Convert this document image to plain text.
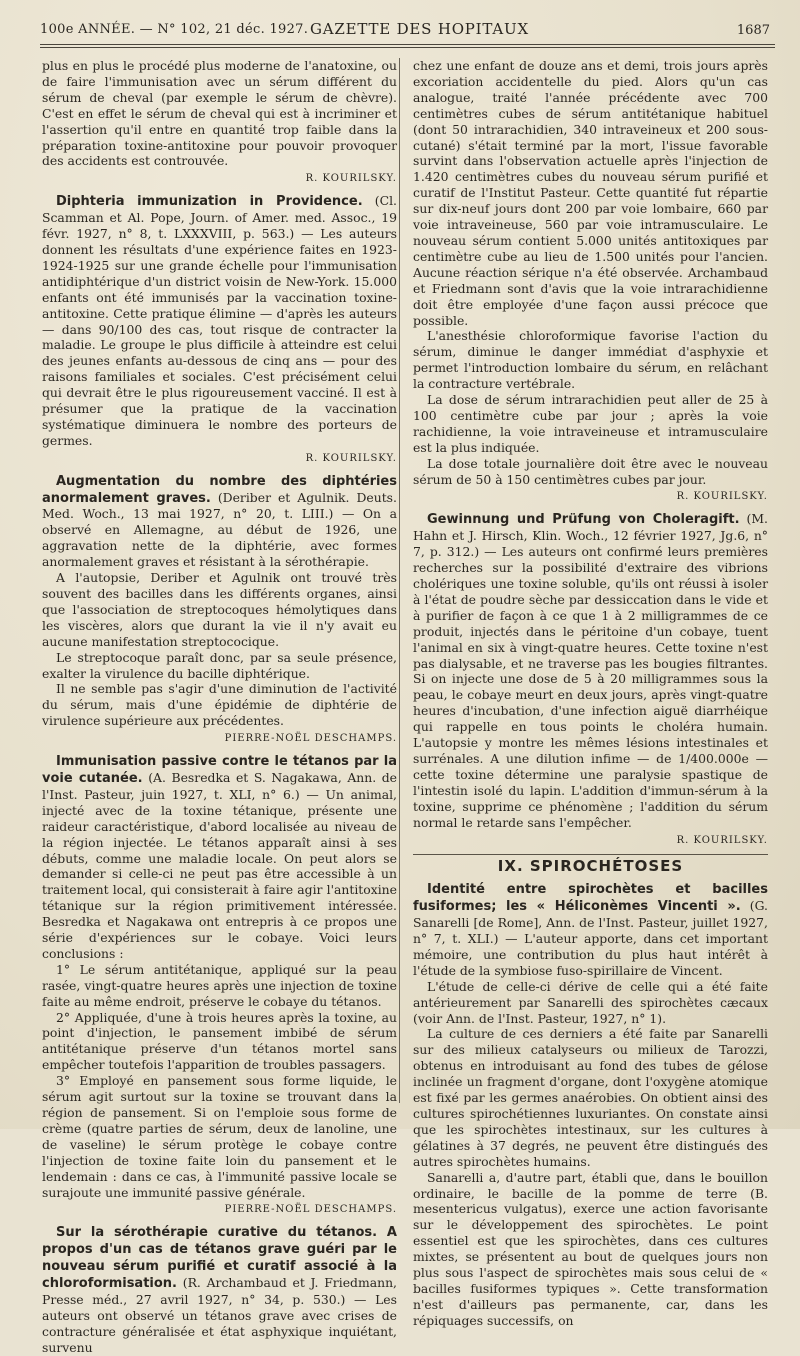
100e ANNÉE. — N° 102, 21 déc. 1927. GAZETTE DES HOPITAUX	1687

plus en plus le procédé plus moderne de l'anatoxine, ou de faire l'immunisation avec un sérum différent du sérum de cheval (par exemple le sérum de chèvre). C'est en effet le sérum de cheval qui est à incriminer et l'assertion qu'il entre en quantité trop faible dans la préparation toxine-antitoxine pour pouvoir provoquer des accidents est controuvée.

R. KOURILSKY.

Diphteria immunization in Providence. (Cl. Scamman et Al. Pope, Journ. of Amer. med. Assoc., 19 févr. 1927, n° 8, t. LXXXVIII, p. 563.) — Les auteurs donnent les résultats d'une expérience faites en 1923-1924-1925 sur une grande échelle pour l'immunisation antidiphtérique d'un district voisin de New-York. 15.000 enfants ont été immunisés par la vaccination toxine-antitoxine. Cette pratique élimine — d'après les auteurs — dans 90/100 des cas, tout risque de contracter la maladie. Le groupe le plus difficile à atteindre est celui des jeunes enfants au-dessous de cinq ans — pour des raisons familiales et sociales. C'est précisément celui qui devrait être le plus rigoureusement vacciné. Il est à présumer que la pratique de la vaccination systématique diminuera le nombre des porteurs de germes.

R. KOURILSKY.

Augmentation du nombre des diphtéries anormalement graves. (Deriber et Agulnik. Deuts. Med. Woch., 13 mai 1927, n° 20, t. LIII.) — On a observé en Allemagne, au début de 1926, une aggravation nette de la diphtérie, avec formes anormalement graves et résistant à la sérothérapie.

A l'autopsie, Deriber et Agulnik ont trouvé très souvent des bacilles dans les différents organes, ainsi que l'association de streptocoques hémolytiques dans les viscères, alors que durant la vie il n'y avait eu aucune manifestation streptococique.

Le streptocoque paraît donc, par sa seule présence, exalter la virulence du bacille diphtérique.

Il ne semble pas s'agir d'une diminution de l'activité du sérum, mais d'une épidémie de diphtérie de virulence supérieure aux précédentes.

PIERRE-NOËL DESCHAMPS.

Immunisation passive contre le tétanos par la voie cutanée. (A. Besredka et S. Nagakawa, Ann. de l'Inst. Pasteur, juin 1927, t. XLI, n° 6.) — Un animal, injecté avec de la toxine tétanique, présente une raideur caractéristique, d'abord localisée au niveau de la région injectée. Le tétanos apparaît ainsi à ses débuts, comme une maladie locale. On peut alors se demander si celle-ci ne peut pas être accessible à un traitement local, qui consisterait à faire agir l'antitoxine tétanique sur la région primitivement intéressée. Besredka et Nagakawa ont entrepris à ce propos une série d'expériences sur le cobaye. Voici leurs conclusions :

1° Le sérum antitétanique, appliqué sur la peau rasée, vingt-quatre heures après une injection de toxine faite au même endroit, préserve le cobaye du tétanos.

2° Appliquée, d'une à trois heures après la toxine, au point d'injection, le pansement imbibé de sérum antitétanique préserve d'un tétanos mortel sans empêcher toutefois l'apparition de troubles passagers.

3° Employé en pansement sous forme liquide, le sérum agit surtout sur la toxine se trouvant dans la région de pansement. Si on l'emploie sous forme de crème (quatre parties de sérum, deux de lanoline, une de vaseline) le sérum protège le cobaye contre l'injection de toxine faite loin du pansement et le lendemain : dans ce cas, à l'immunité passive locale se surajoute une immunité passive générale.

PIERRE-NOËL DESCHAMPS.

Sur la sérothérapie curative du tétanos. A propos d'un cas de tétanos grave guéri par le nouveau sérum purifié et curatif associé à la chloroformisation. (R. Archambaud et J. Friedmann, Presse méd., 27 avril 1927, n° 34, p. 530.) — Les auteurs ont observé un tétanos grave avec crises de contracture généralisée et état asphyxique inquiétant, survenu

chez une enfant de douze ans et demi, trois jours après excoriation accidentelle du pied. Alors qu'un cas analogue, traité l'année précédente avec 700 centimètres cubes de sérum antitétanique habituel (dont 50 intrarachidien, 340 intraveineux et 200 sous-cutané) s'était terminé par la mort, l'issue favorable survint dans l'observation actuelle après l'injection de 1.420 centimètres cubes du nouveau sérum purifié et curatif de l'Institut Pasteur. Cette quantité fut répartie sur dix-neuf jours dont 200 par voie lombaire, 660 par voie intraveineuse, 560 par voie intramusculaire. Le nouveau sérum contient 5.000 unités antitoxiques par centimètre cube au lieu de 1.500 unités pour l'ancien. Aucune réaction sérique n'a été observée. Archambaud et Friedmann sont d'avis que la voie intrarachidienne doit être employée d'une façon aussi précoce que possible.

L'anesthésie chloroformique favorise l'action du sérum, diminue le danger immédiat d'asphyxie et permet l'introduction lombaire du sérum, en relâchant la contracture vertébrale.

La dose de sérum intrarachidien peut aller de 25 à 100 centimètre cube par jour ; après la voie rachidienne, la voie intraveineuse et intramusculaire est la plus indiquée.

La dose totale journalière doit être avec le nouveau sérum de 50 à 150 centimètres cubes par jour.

R. KOURILSKY.

Gewinnung und Prüfung von Choleragift. (M. Hahn et J. Hirsch, Klin. Woch., 12 février 1927, Jg.6, n° 7, p. 312.) — Les auteurs ont confirmé leurs premières recherches sur la possibilité d'extraire des vibrions cholériques une toxine soluble, qu'ils ont réussi à isoler à l'état de poudre sèche par dessiccation dans le vide et à purifier de façon à ce que 1 à 2 milligrammes de ce produit, injectés dans le péritoine d'un cobaye, tuent l'animal en six à vingt-quatre heures. Cette toxine n'est pas dialysable, et ne traverse pas les bougies filtrantes. Si on injecte une dose de 5 à 20 milligrammes sous la peau, le cobaye meurt en deux jours, après vingt-quatre heures d'incubation, d'une infection aiguë diarrhéique qui rappelle en tous points le choléra humain. L'autopsie y montre les mêmes lésions intestinales et surrénales. A une dilution infime — de 1/400.000e — cette toxine détermine une paralysie spastique de l'intestin isolé du lapin. L'addition d'immun-sérum à la toxine, supprime ce phénomène ; l'addition du sérum normal le retarde sans l'empêcher.

R. KOURILSKY.
IX. SPIROCHÉTOSES

Identité entre spirochètes et bacilles fusiformes; les « Héliconèmes Vincenti ». (G. Sanarelli [de Rome], Ann. de l'Inst. Pasteur, juillet 1927, n° 7, t. XLI.) — L'auteur apporte, dans cet important mémoire, une contribution du plus haut intérêt à l'étude de la symbiose fuso-spirillaire de Vincent.

L'étude de celle-ci dérive de celle qui a été faite antérieurement par Sanarelli des spirochètes cæcaux (voir Ann. de l'Inst. Pasteur, 1927, n° 1).

La culture de ces derniers a été faite par Sanarelli sur des milieux catalyseurs ou milieux de Tarozzi, obtenus en introduisant au fond des tubes de gélose inclinée un fragment d'organe, dont l'oxygène atomique est fixé par les germes anaérobies. On obtient ainsi des cultures spirochétiennes luxuriantes. On constate ainsi que les spirochètes intestinaux, sur les cultures à gélatines à 37 degrés, ne peuvent être distingués des autres spirochètes humains.

Sanarelli a, d'autre part, établi que, dans le bouillon ordinaire, le bacille de la pomme de terre (B. mesentericus vulgatus), exerce une action favorisante sur le développement des spirochètes. Le point essentiel est que les spirochètes, dans ces cultures mixtes, se présentent au bout de quelques jours non plus sous l'aspect de spirochètes mais sous celui de « bacilles fusiformes typiques ». Cette transformation n'est d'ailleurs pas permanente, car, dans les répiquages successifs, on
